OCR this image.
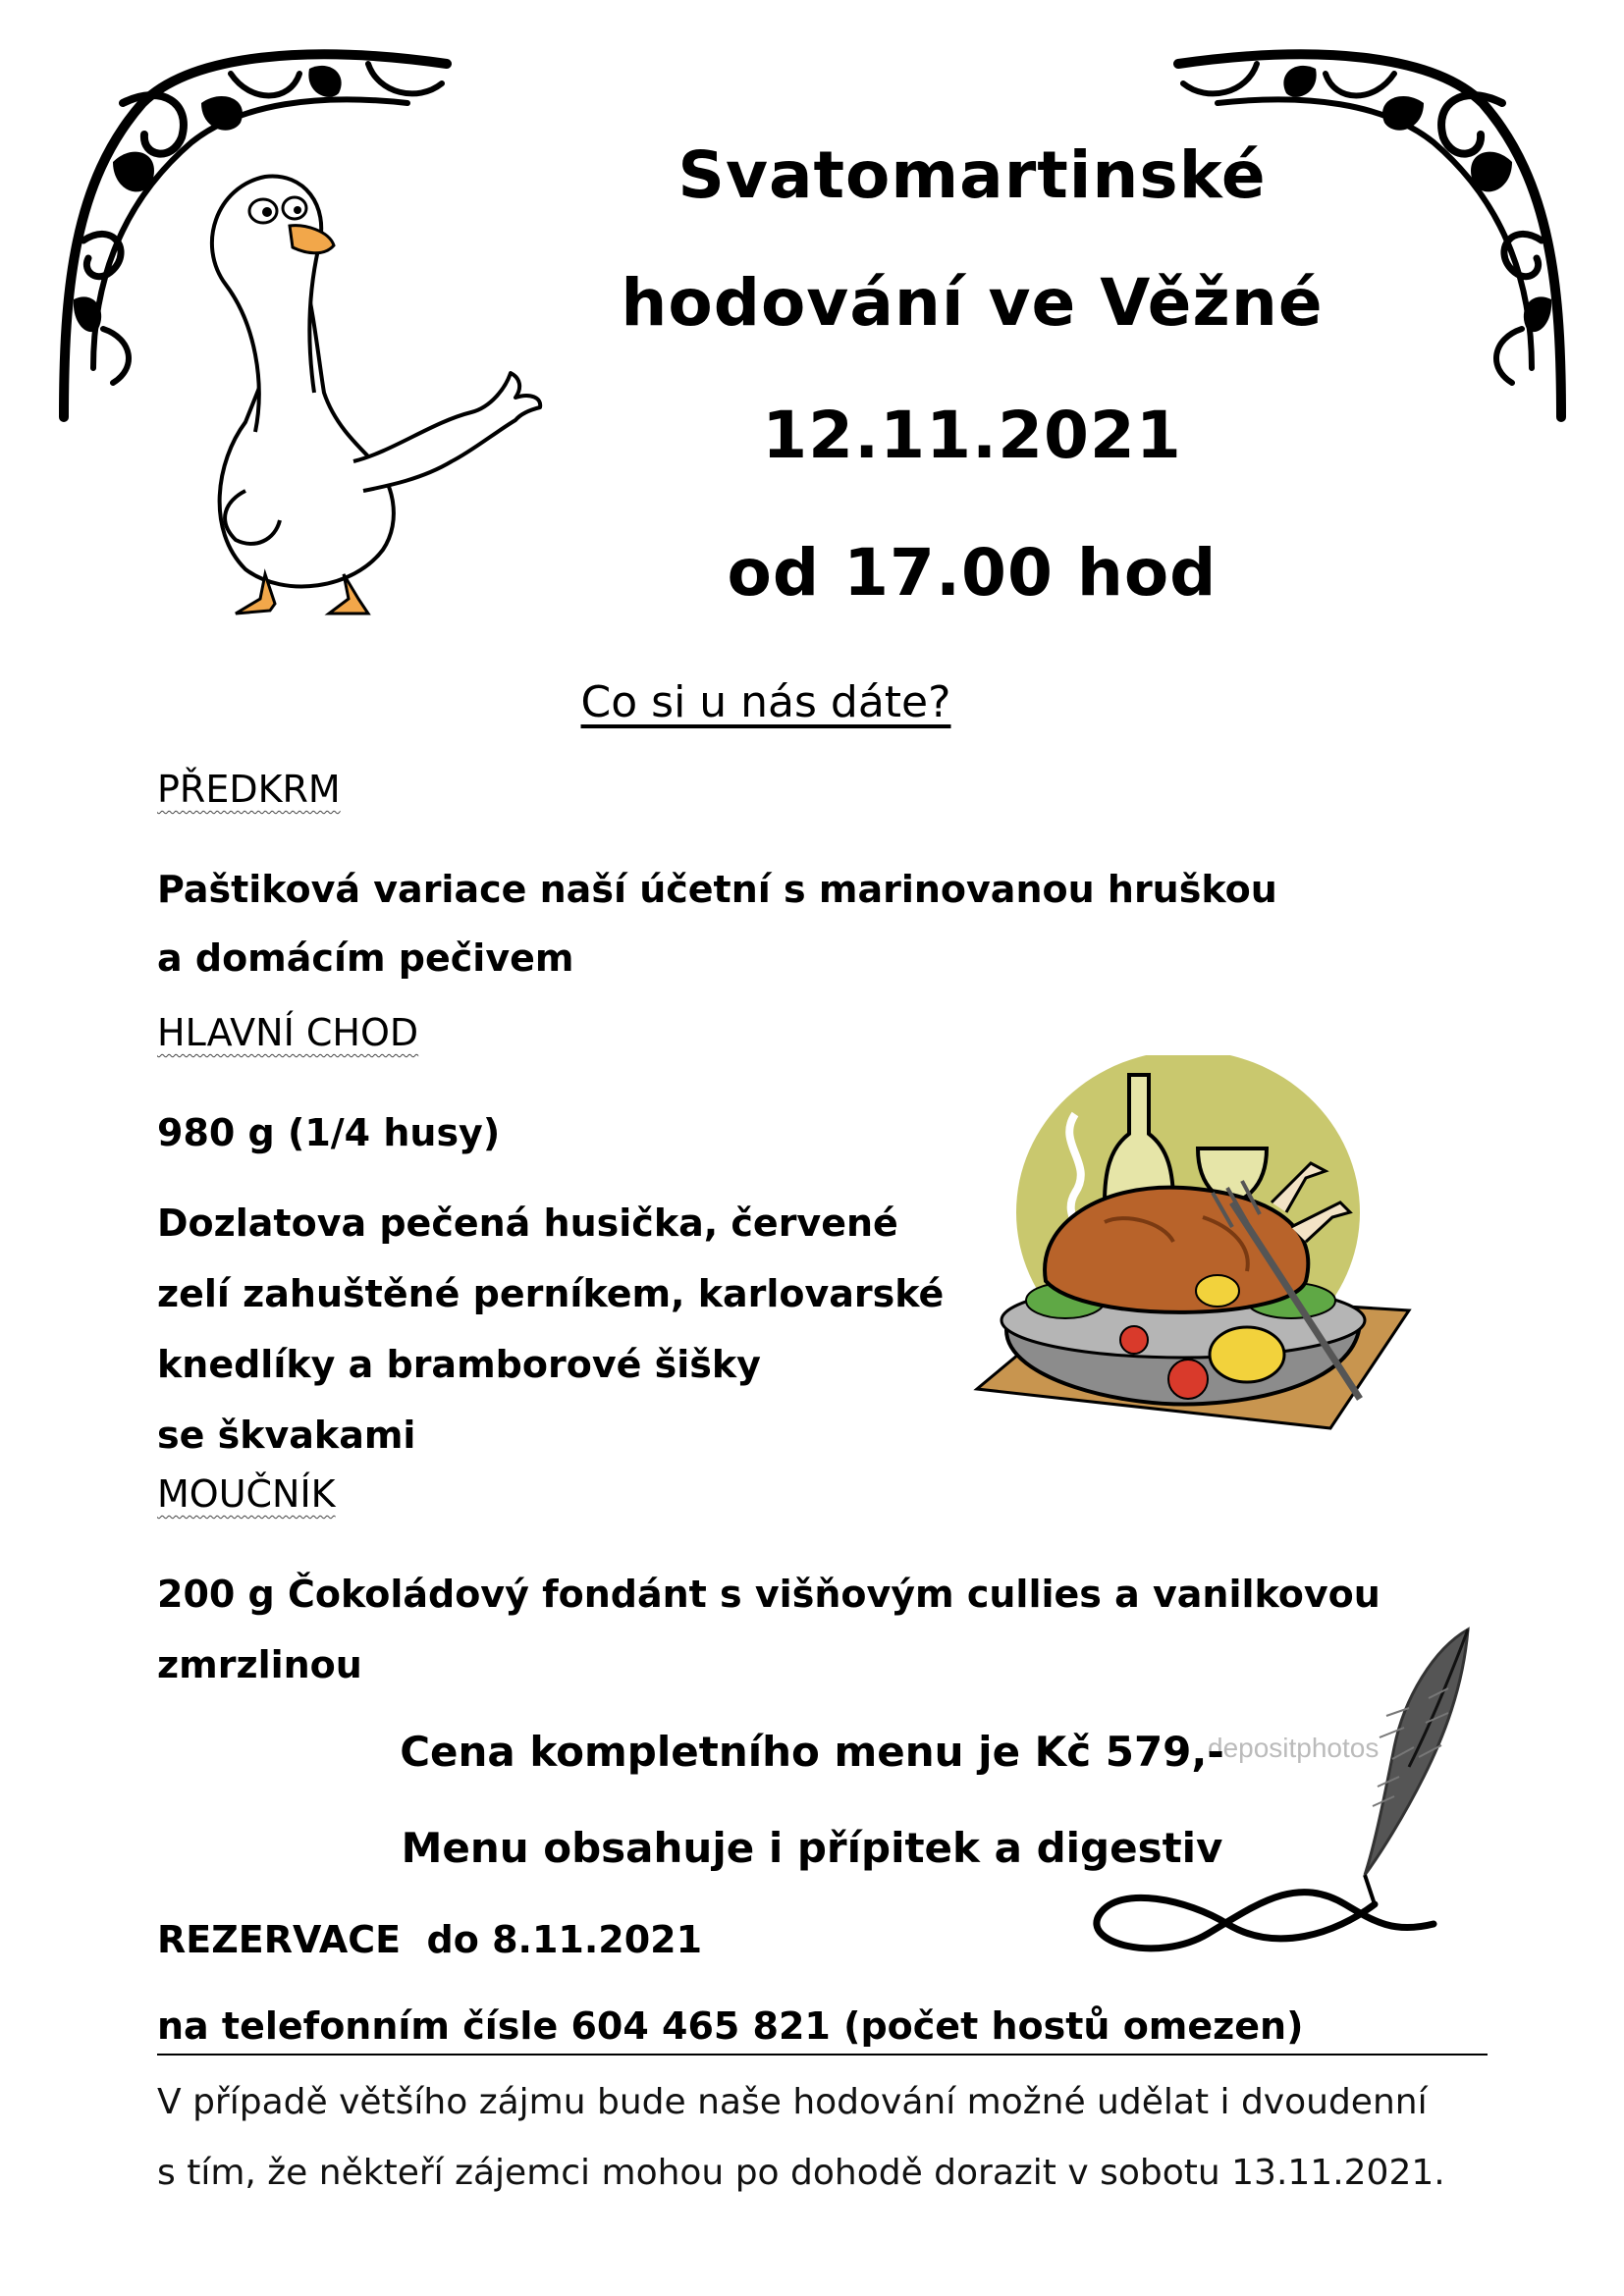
Svatomartinské
hodování ve Věžné
12.11.2021
od 17.00 hod
Co si u nás dáte?
PŘEDKRM
Paštiková variace naší účetní s marinovanou hruškou
a domácím pečivem
HLAVNÍ CHOD
980 g (1/4 husy)
Dozlatova pečená husička, červené
zelí zahuštěné perníkem, karlovarské
knedlíky a bramborové šišky
se škvakami
MOUČNÍK
200 g Čokoládový fondánt s višňovým cullies a vanilkovou
zmrzlinou
depositphotos
Cena kompletního menu je Kč 579,-
Menu obsahuje i přípitek a digestiv
REZERVACE  do 8.11.2021
na telefonním čísle 604 465 821 (počet hostů omezen)
V případě většího zájmu bude naše hodování možné udělat i dvoudenní
s tím, že někteří zájemci mohou po dohodě dorazit v sobotu 13.11.2021.
